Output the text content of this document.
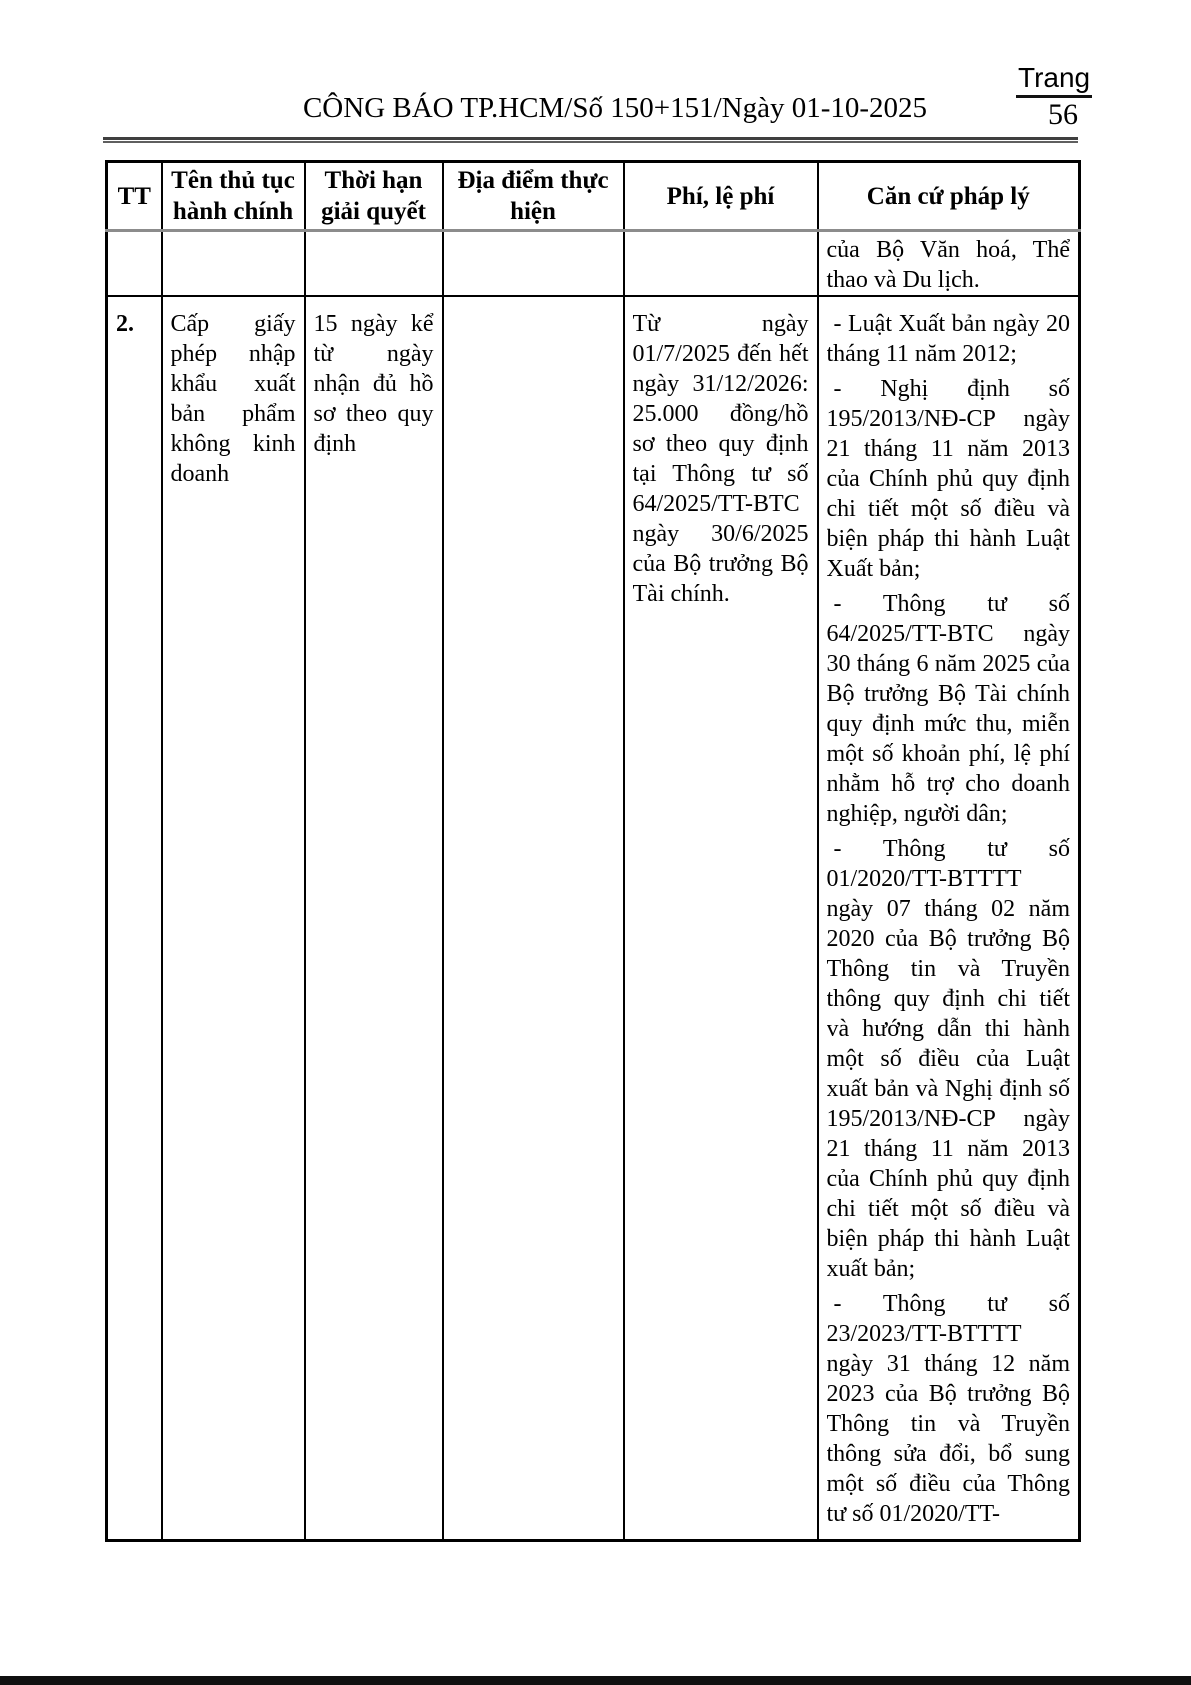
Trang
56
CÔNG BÁO TP.HCM/Số 150+151/Ngày 01-10-2025
TT	Tên thủ tục hành chính	Thời hạn giải quyết	Địa điểm thực hiện	Phí, lệ phí	Căn cứ pháp lý

					của Bộ Văn hoá, Thể thao và Du lịch.

2.	Cấp giấy phép nhập khẩu xuất bản phẩm không kinh doanh	15 ngày kể từ ngày nhận đủ hồ sơ theo quy định		Từ ngày 01/7/2025 đến hết ngày 31/12/2026: 25.000 đồng/hồ sơ theo quy định tại Thông tư số 64/2025/TT-BTC ngày 30/6/2025 của Bộ trưởng Bộ Tài chính.	- Luật Xuất bản ngày 20 tháng 11 năm 2012;

- Nghị định số 195/2013/NĐ-CP ngày 21 tháng 11 năm 2013 của Chính phủ quy định chi tiết một số điều và biện pháp thi hành Luật Xuất bản;

- Thông tư số 64/2025/TT-BTC ngày 30 tháng 6 năm 2025 của Bộ trưởng Bộ Tài chính quy định mức thu, miễn một số khoản phí, lệ phí nhằm hỗ trợ cho doanh nghiệp, người dân;

- Thông tư số 01/2020/TT-BTTTT ngày 07 tháng 02 năm 2020 của Bộ trưởng Bộ Thông tin và Truyền thông quy định chi tiết và hướng dẫn thi hành một số điều của Luật xuất bản và Nghị định số 195/2013/NĐ-CP ngày 21 tháng 11 năm 2013 của Chính phủ quy định chi tiết một số điều và biện pháp thi hành Luật xuất bản;

- Thông tư số 23/2023/TT-BTTTT ngày 31 tháng 12 năm 2023 của Bộ trưởng Bộ Thông tin và Truyền thông sửa đổi, bổ sung một số điều của Thông tư số 01/2020/TT-
